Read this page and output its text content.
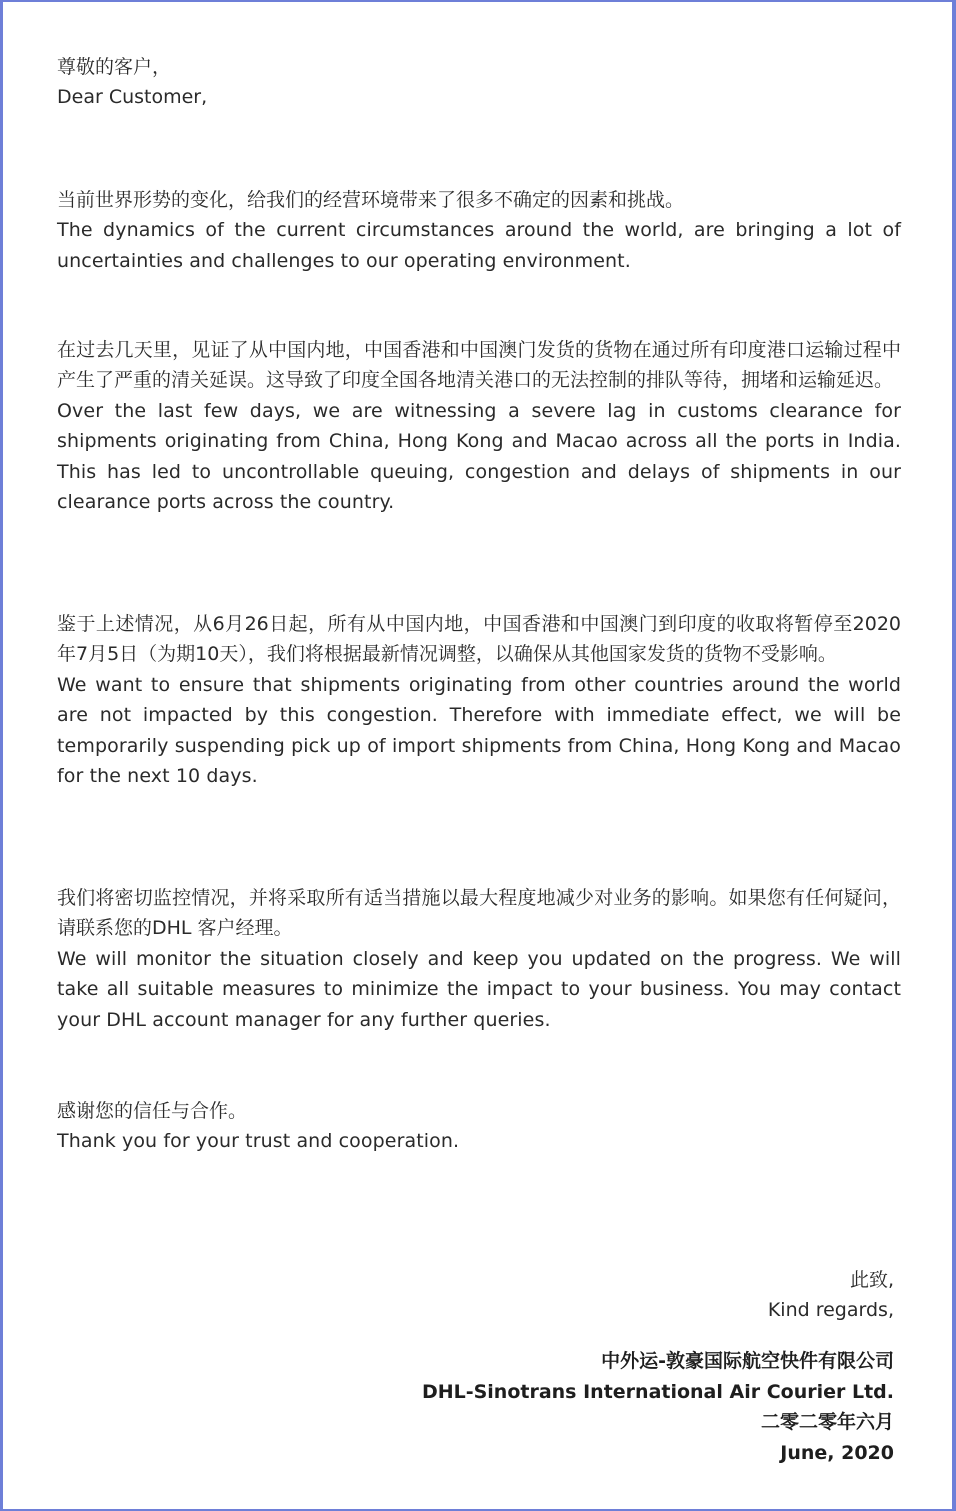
尊敬的客户，

Dear Customer,

当前世界形势的变化，给我们的经营环境带来了很多不确定的因素和挑战。

The dynamics of the current circumstances around the world, are bringing a lot of uncertainties and challenges to our operating environment.

在过去几天里，见证了从中国内地，中国香港和中国澳门发货的货物在通过所有印度港口运输过程中产生了严重的清关延误。这导致了印度全国各地清关港口的无法控制的排队等待，拥堵和运输延迟。

Over the last few days, we are witnessing a severe lag in customs clearance for shipments originating from China, Hong Kong and Macao across all the ports in India. This has led to uncontrollable queuing, congestion and delays of shipments in our clearance ports across the country.

鉴于上述情况，从6月26日起，所有从中国内地，中国香港和中国澳门到印度的收取将暂停至2020年7月5日（为期10天），我们将根据最新情况调整，以确保从其他国家发货的货物不受影响。

We want to ensure that shipments originating from other countries around the world are not impacted by this congestion. Therefore with immediate effect, we will be temporarily suspending pick up of import shipments from China, Hong Kong and Macao for the next 10 days.

我们将密切监控情况，并将采取所有适当措施以最大程度地减少对业务的影响。如果您有任何疑问，请联系您的DHL 客户经理。

We will monitor the situation closely and keep you updated on the progress. We will take all suitable measures to minimize the impact to your business. You may contact your DHL account manager for any further queries.

感谢您的信任与合作。

Thank you for your trust and cooperation.

此致,

Kind regards,

中外运-敦豪国际航空快件有限公司

DHL-Sinotrans International Air Courier Ltd.

二零二零年六月

June, 2020
